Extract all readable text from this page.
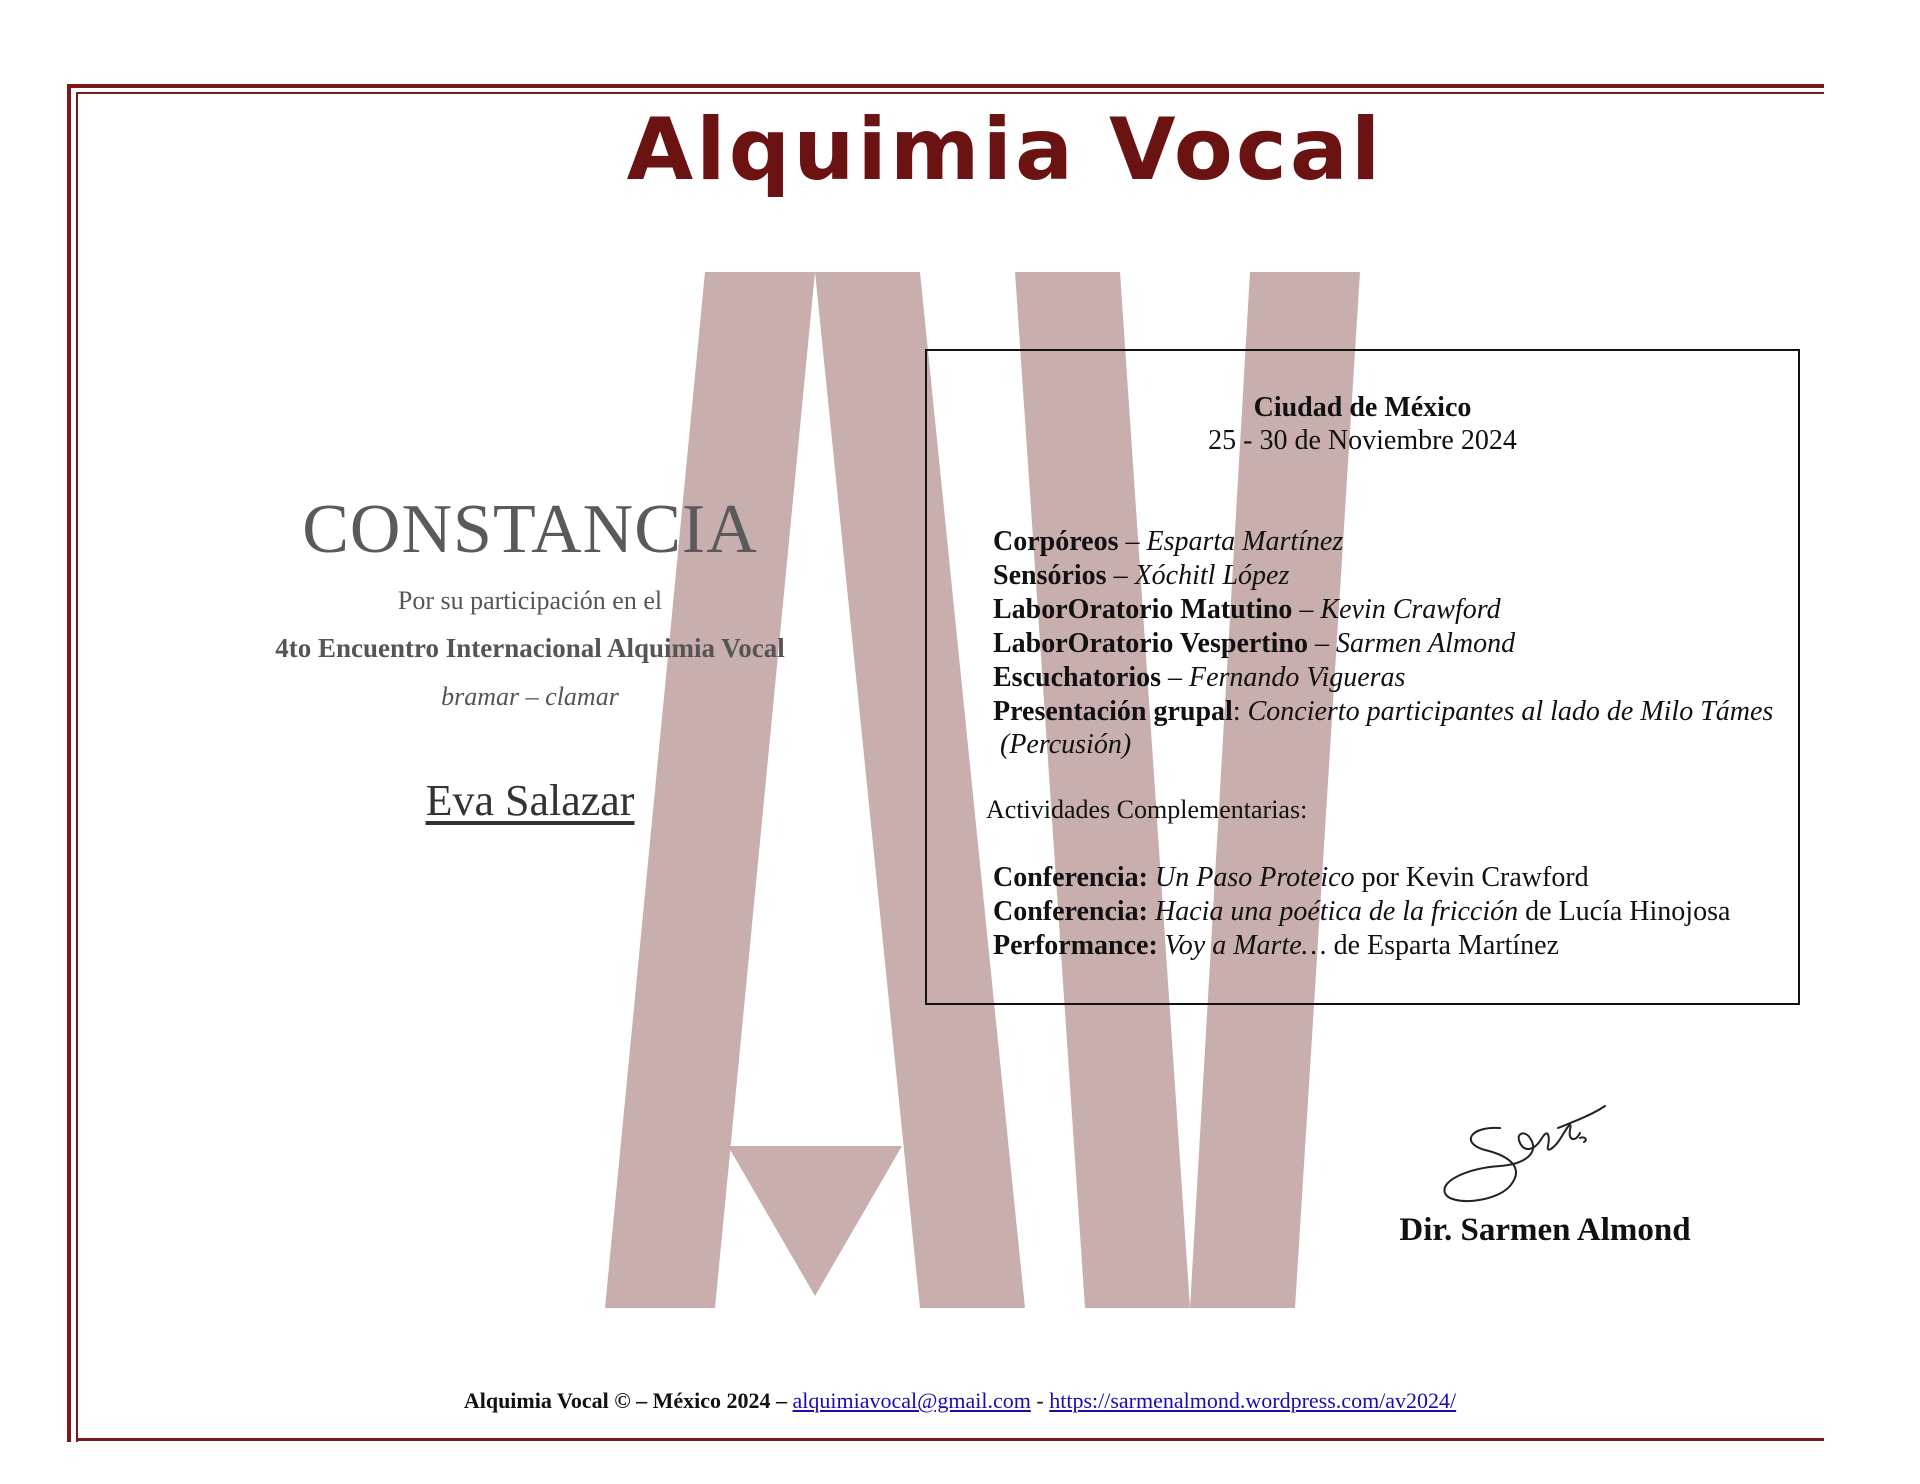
Alquimia Vocal
CONSTANCIA
Por su participación en el
4to Encuentro Internacional Alquimia Vocal
bramar – clamar
Eva Salazar
Ciudad de México
25 - 30 de Noviembre 2024
Corpóreos – Esparta Martínez
Sensórios – Xóchitl López
LaborOratorio Matutino – Kevin Crawford
LaborOratorio Vespertino – Sarmen Almond
Escuchatorios – Fernando Vigueras
Presentación grupal: Concierto participantes al lado de Milo Támes
(Percusión)
Actividades Complementarias:
Conferencia: Un Paso Proteico por Kevin Crawford
Conferencia: Hacia una poética de la fricción de Lucía Hinojosa
Performance: Voy a Marte… de Esparta Martínez
Dir. Sarmen Almond
Alquimia Vocal © – México 2024 – alquimiavocal@gmail.com - https://sarmenalmond.wordpress.com/av2024/
